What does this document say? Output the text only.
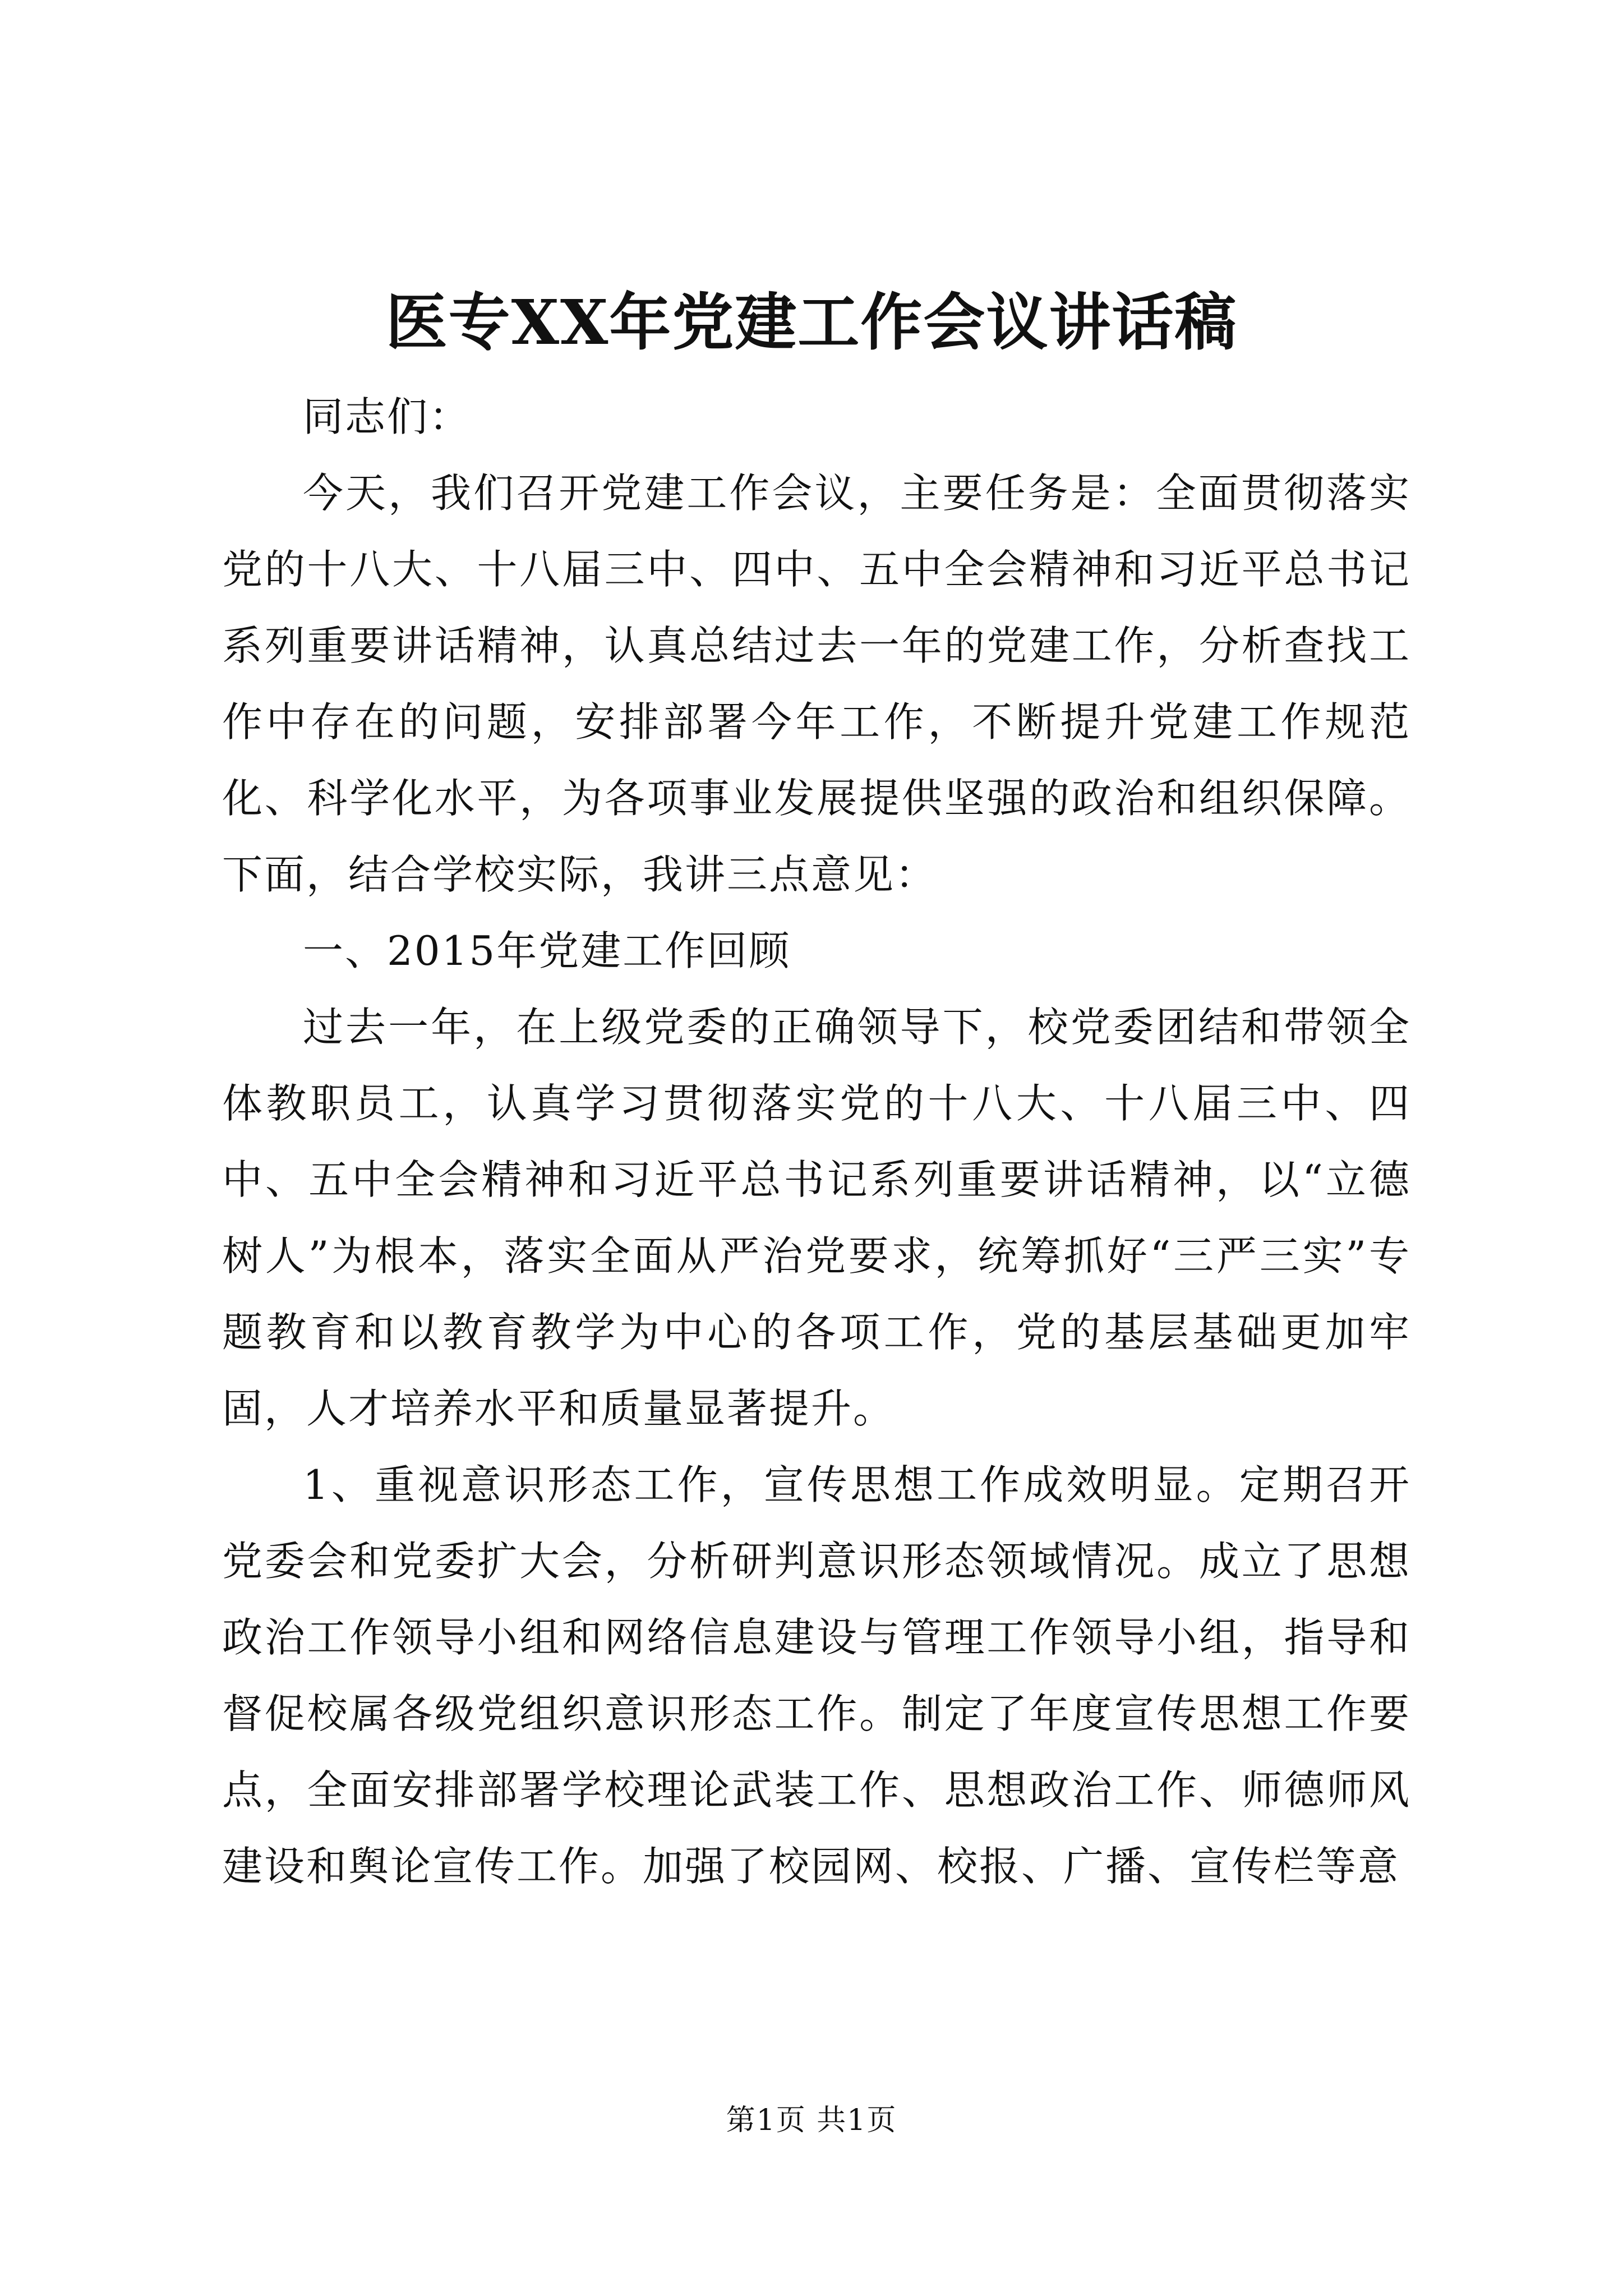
医专XX年党建工作会议讲话稿

同志们：

今天，我们召开党建工作会议，主要任务是：全面贯彻落实党的十八大、十八届三中、四中、五中全会精神和习近平总书记系列重要讲话精神，认真总结过去一年的党建工作，分析查找工作中存在的问题，安排部署今年工作，不断提升党建工作规范化、科学化水平，为各项事业发展提供坚强的政治和组织保障。下面，结合学校实际，我讲三点意见：

一、2015年党建工作回顾

过去一年，在上级党委的正确领导下，校党委团结和带领全体教职员工，认真学习贯彻落实党的十八大、十八届三中、四中、五中全会精神和习近平总书记系列重要讲话精神，以“立德树人”为根本，落实全面从严治党要求，统筹抓好“三严三实”专题教育和以教育教学为中心的各项工作，党的基层基础更加牢固，人才培养水平和质量显著提升。

1、重视意识形态工作，宣传思想工作成效明显。定期召开党委会和党委扩大会，分析研判意识形态领域情况。成立了思想政治工作领导小组和网络信息建设与管理工作领导小组，指导和督促校属各级党组织意识形态工作。制定了年度宣传思想工作要点，全面安排部署学校理论武装工作、思想政治工作、师德师风建设和舆论宣传工作。加强了校园网、校报、广播、宣传栏等意

第1页 共1页
